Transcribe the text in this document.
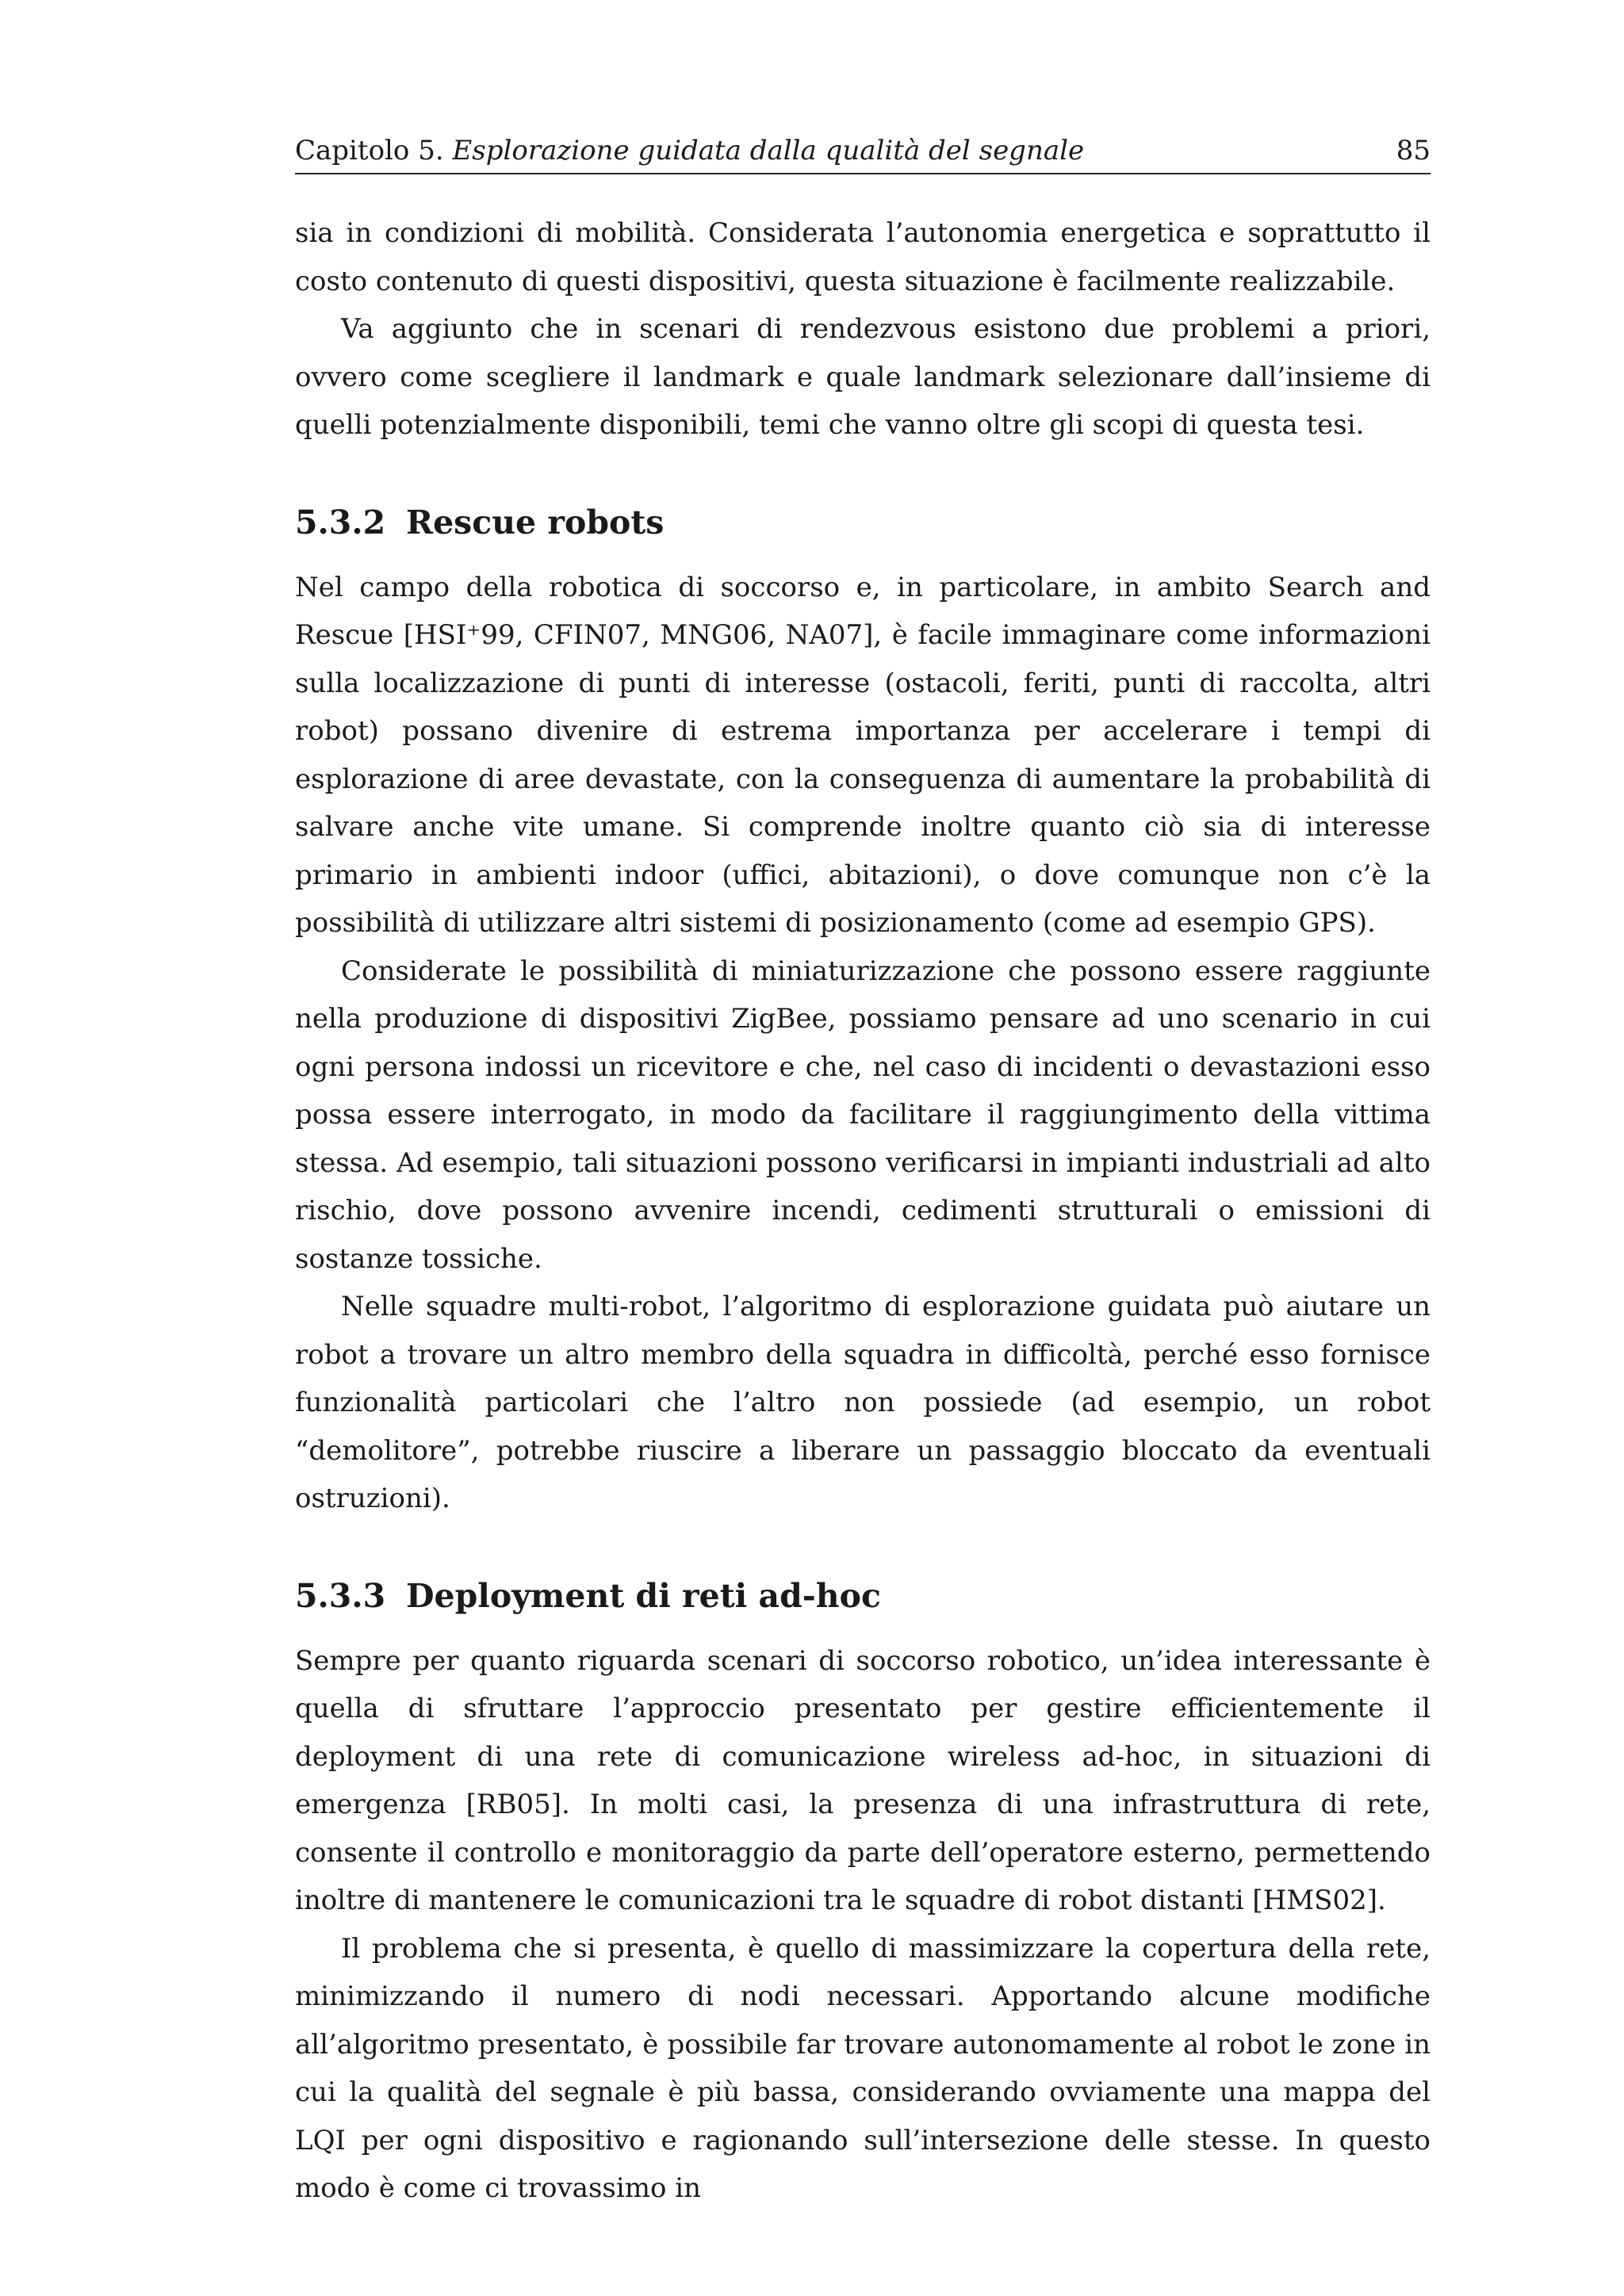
Capitolo 5. Esplorazione guidata dalla qualità del segnale	85

sia in condizioni di mobilità. Considerata l’autonomia energetica e soprattutto il costo contenuto di questi dispositivi, questa situazione è facilmente realizzabile.

Va aggiunto che in scenari di rendezvous esistono due problemi a priori, ovvero come scegliere il landmark e quale landmark selezionare dall’insieme di quelli potenzialmente disponibili, temi che vanno oltre gli scopi di questa tesi.

5.3.2 Rescue robots

Nel campo della robotica di soccorso e, in particolare, in ambito Search and Rescue [HSI⁺99, CFIN07, MNG06, NA07], è facile immaginare come informazioni sulla localizzazione di punti di interesse (ostacoli, feriti, punti di raccolta, altri robot) possano divenire di estrema importanza per accelerare i tempi di esplorazione di aree devastate, con la conseguenza di aumentare la probabilità di salvare anche vite umane. Si comprende inoltre quanto ciò sia di interesse primario in ambienti indoor (uffici, abitazioni), o dove comunque non c’è la possibilità di utilizzare altri sistemi di posizionamento (come ad esempio GPS).

Considerate le possibilità di miniaturizzazione che possono essere raggiunte nella produzione di dispositivi ZigBee, possiamo pensare ad uno scenario in cui ogni persona indossi un ricevitore e che, nel caso di incidenti o devastazioni esso possa essere interrogato, in modo da facilitare il raggiungimento della vittima stessa. Ad esempio, tali situazioni possono verificarsi in impianti industriali ad alto rischio, dove possono avvenire incendi, cedimenti strutturali o emissioni di sostanze tossiche.

Nelle squadre multi-robot, l’algoritmo di esplorazione guidata può aiutare un robot a trovare un altro membro della squadra in difficoltà, perché esso fornisce funzionalità particolari che l’altro non possiede (ad esempio, un robot “demolitore”, potrebbe riuscire a liberare un passaggio bloccato da eventuali ostruzioni).

5.3.3 Deployment di reti ad-hoc

Sempre per quanto riguarda scenari di soccorso robotico, un’idea interessante è quella di sfruttare l’approccio presentato per gestire efficientemente il deployment di una rete di comunicazione wireless ad-hoc, in situazioni di emergenza [RB05]. In molti casi, la presenza di una infrastruttura di rete, consente il controllo e monitoraggio da parte dell’operatore esterno, permettendo inoltre di mantenere le comunicazioni tra le squadre di robot distanti [HMS02].

Il problema che si presenta, è quello di massimizzare la copertura della rete, minimizzando il numero di nodi necessari. Apportando alcune modifiche all’algoritmo presentato, è possibile far trovare autonomamente al robot le zone in cui la qualità del segnale è più bassa, considerando ovviamente una mappa del LQI per ogni dispositivo e ragionando sull’intersezione delle stesse. In questo modo è come ci trovassimo in
